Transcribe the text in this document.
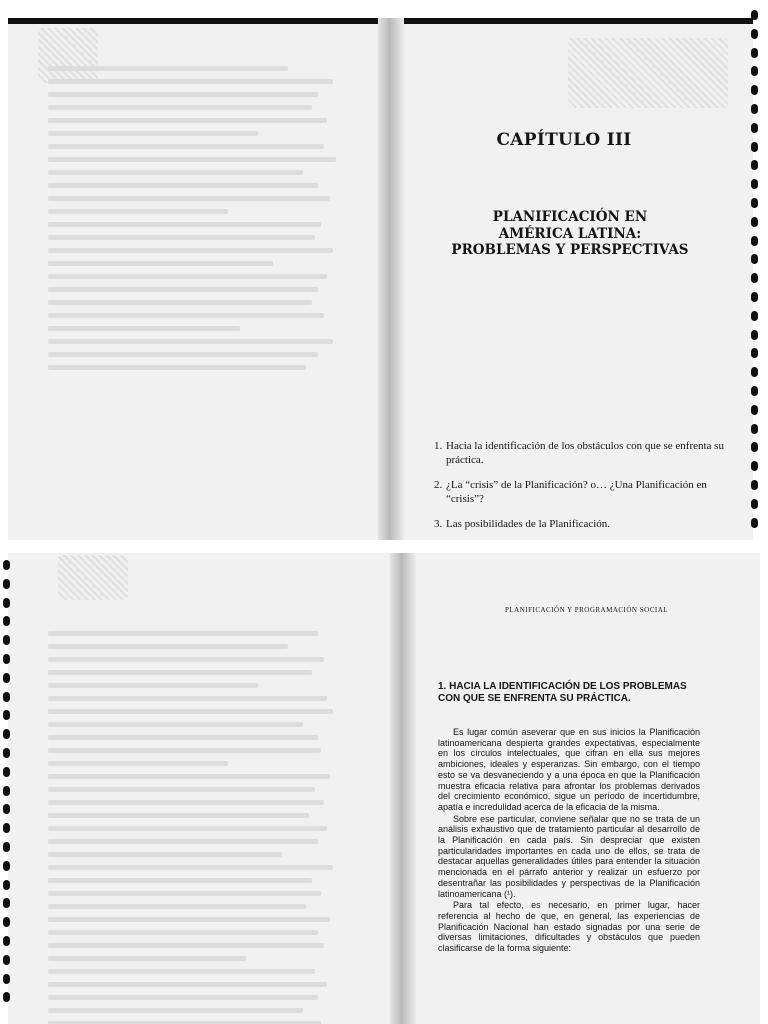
CAPÍTULO III
PLANIFICACIÓN EN
AMÉRICA LATINA:
PROBLEMAS Y PERSPECTIVAS
1. Hacia la identificación de los obstáculos con que se enfrenta su práctica.
2. ¿La “crisis” de la Planificación? o… ¿Una Planificación en “crisis”?
3. Las posibilidades de la Planificación.
PLANIFICACIÓN Y PROGRAMACIÓN SOCIAL
1. HACIA LA IDENTIFICACIÓN DE LOS PROBLEMAS CON QUE SE ENFRENTA SU PRÁCTICA.

Es lugar común aseverar que en sus inicios la Planificación latinoamericana despierta grandes expectativas, especialmente en los círculos intelectuales, que cifran en ella sus mejores ambiciones, ideales y esperanzas. Sin embargo, con el tiempo esto se va desvaneciendo y a una época en que la Planificación muestra eficacia relativa para afrontar los problemas derivados del crecimiento económico, sigue un período de incertidumbre, apatía e incredulidad acerca de la eficacia de la misma.

Sobre ese particular, conviene señalar que no se trata de un análisis exhaustivo que de tratamiento particular al desarrollo de la Planificación en cada país. Sin despreciar que existen particularidades importantes en cada uno de ellos, se trata de destacar aquellas generalidades útiles para entender la situación mencionada en el párrafo anterior y realizar un esfuerzo por desentrañar las posibilidades y perspectivas de la Planificación latinoamericana (¹).

Para tal efecto, es necesario, en primer lugar, hacer referencia al hecho de que, en general, las experiencias de Planificación Nacional han estado signadas por una serie de diversas limitaciones, dificultades y obstáculos que pueden clasificarse de la forma siguiente:
